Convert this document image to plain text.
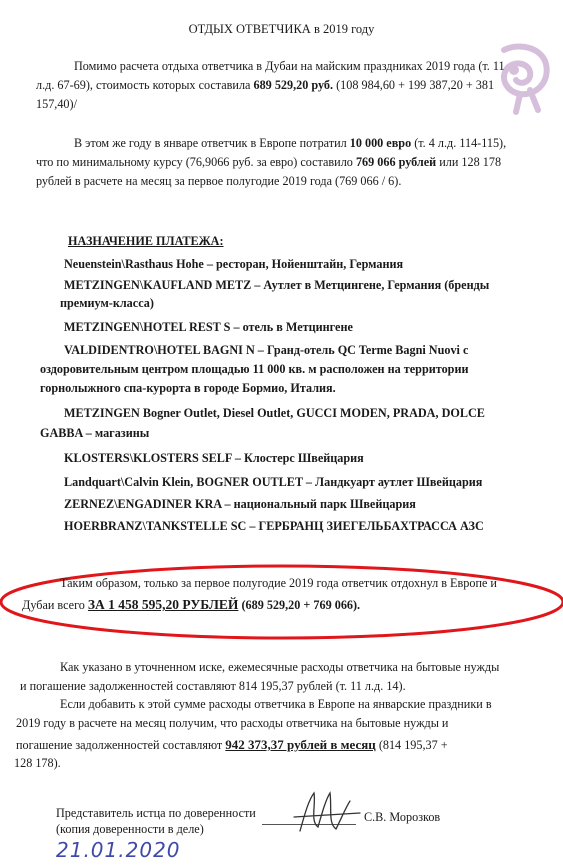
ОТДЫХ ОТВЕТЧИКА в 2019 году
Помимо расчета отдыха ответчика в Дубаи на майским праздниках 2019 года (т. 11
л.д. 67-69), стоимость которых составила 689 529,20 руб. (108 984,60 + 199 387,20 + 381
157,40)/
В этом же году в январе ответчик в Европе потратил 10 000 евро (т. 4 л.д. 114-115),
что по минимальному курсу (76,9066 руб. за евро) составило 769 066 рублей или 128 178
рублей в расчете на месяц за первое полугодие 2019 года (769 066 / 6).
НАЗНАЧЕНИЕ ПЛАТЕЖА:
Neuenstein\Rasthaus Hohe – ресторан, Нойенштайн, Германия
METZINGEN\KAUFLAND METZ – Аутлет в Метцингене, Германия (бренды
премиум-класса)
METZINGEN\HOTEL REST S – отель в Метцингене
VALDIDENTRO\HOTEL BAGNI N – Гранд-отель QC Terme Bagni Nuovi с
оздоровительным центром площадью 11 000 кв. м расположен на территории
горнолыжного спа-курорта в городе Бормио, Италия.
METZINGEN Bogner Outlet, Diesel Outlet, GUCCI MODEN, PRADA, DOLCE
GABBA – магазины
KLOSTERS\KLOSTERS SELF – Клостерс Швейцария
Landquart\Calvin Klein, BOGNER OUTLET – Ландкуарт аутлет Швейцария
ZERNEZ\ENGADINER KRA – национальный парк Швейцария
HOERBRANZ\TANKSTELLE SC – ГЕРБРАНЦ ЗИЕГЕЛЬБАХТРАССА АЗС
Таким образом, только за первое полугодие 2019 года ответчик отдохнул в Европе и
Дубаи всего ЗА 1 458 595,20 РУБЛЕЙ (689 529,20 + 769 066).
Как указано в уточненном иске, ежемесячные расходы ответчика на бытовые нужды
и погашение задолженностей составляют 814 195,37 рублей (т. 11 л.д. 14).
Если добавить к этой сумме расходы ответчика в Европе на январские праздники в
2019 году в расчете на месяц получим, что расходы ответчика на бытовые нужды и
погашение задолженностей составляют 942 373,37 рублей в месяц (814 195,37 +
128 178).
Представитель истца по доверенности
(копия доверенности в деле)
С.В. Морозков
21.01.2020
